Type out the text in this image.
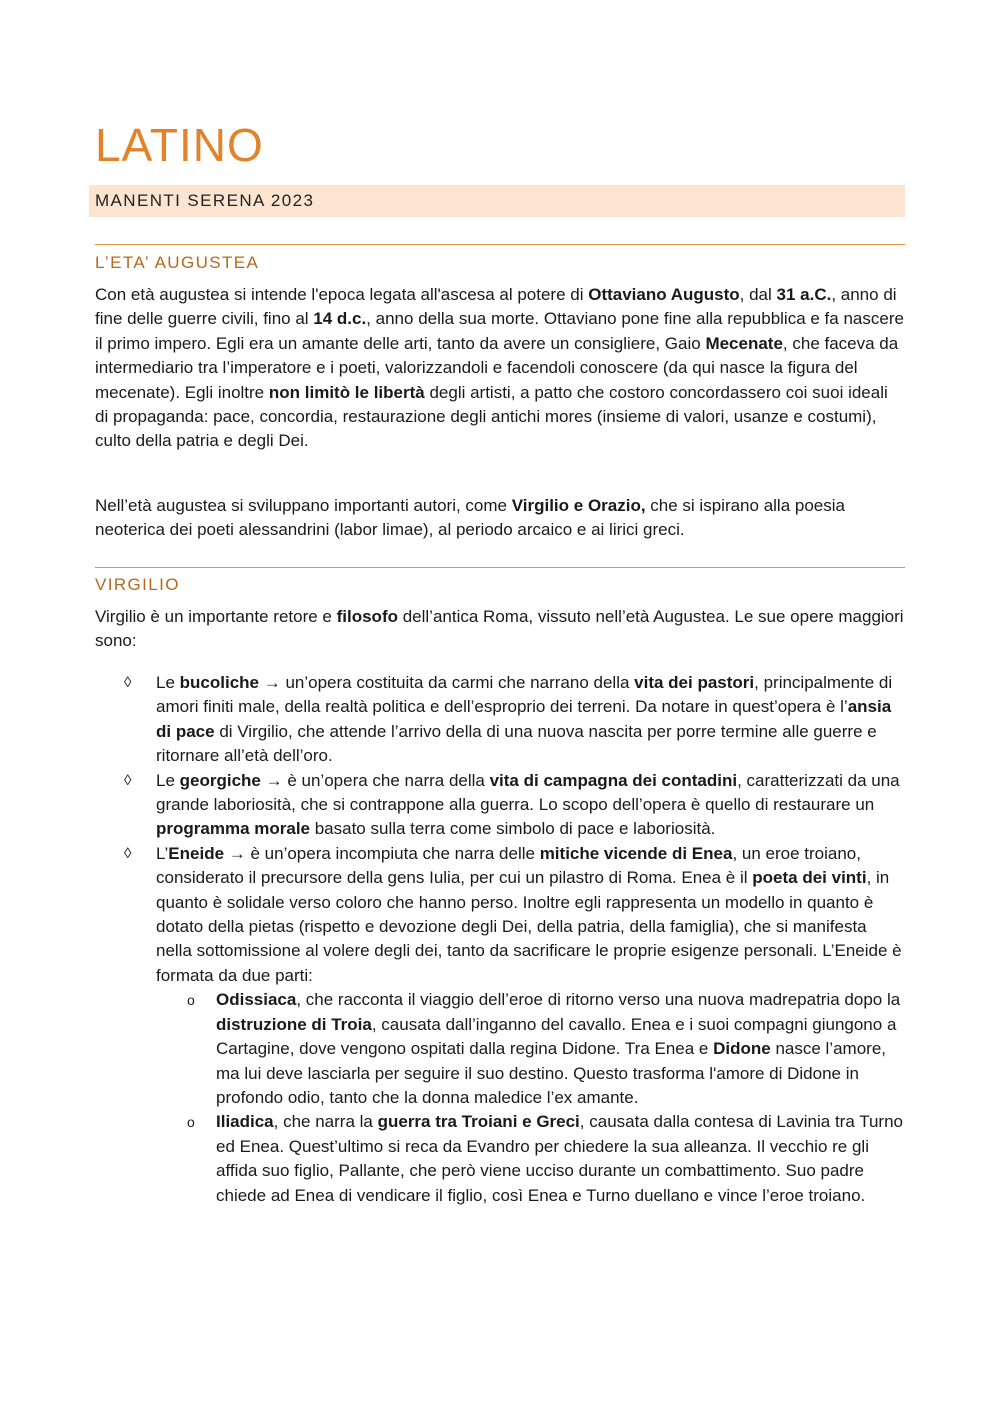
LATINO
MANENTI SERENA 2023
L’ETA’ AUGUSTEA

Con età augustea si intende l'epoca legata all'ascesa al potere di Ottaviano Augusto, dal 31 a.C., anno di fine delle guerre civili, fino al 14 d.c., anno della sua morte. Ottaviano pone fine alla repubblica e fa nascere il primo impero. Egli era un amante delle arti, tanto da avere un consigliere, Gaio Mecenate, che faceva da intermediario tra l’imperatore e i poeti, valorizzandoli e facendoli conoscere (da qui nasce la figura del mecenate). Egli inoltre non limitò le libertà degli artisti, a patto che costoro concordassero coi suoi ideali di propaganda: pace, concordia, restaurazione degli antichi mores (insieme di valori, usanze e costumi), culto della patria e degli Dei.

Nell’età augustea si sviluppano importanti autori, come Virgilio e Orazio, che si ispirano alla poesia neoterica dei poeti alessandrini (labor limae), al periodo arcaico e ai lirici greci.

VIRGILIO

Virgilio è un importante retore e filosofo dell’antica Roma, vissuto nell’età Augustea. Le sue opere maggiori sono:

◊ Le bucoliche → un’opera costituita da carmi che narrano della vita dei pastori, principalmente di amori finiti male, della realtà politica e dell’esproprio dei terreni. Da notare in quest’opera è l’ansia di pace di Virgilio, che attende l’arrivo della di una nuova nascita per porre termine alle guerre e ritornare all’età dell’oro.
◊ Le georgiche → è un’opera che narra della vita di campagna dei contadini, caratterizzati da una grande laboriosità, che si contrappone alla guerra. Lo scopo dell’opera è quello di restaurare un programma morale basato sulla terra come simbolo di pace e laboriosità.
◊ L’Eneide → è un’opera incompiuta che narra delle mitiche vicende di Enea, un eroe troiano, considerato il precursore della gens Iulia, per cui un pilastro di Roma. Enea è il poeta dei vinti, in quanto è solidale verso coloro che hanno perso. Inoltre egli rappresenta un modello in quanto è dotato della pietas (rispetto e devozione degli Dei, della patria, della famiglia), che si manifesta nella sottomissione al volere degli dei, tanto da sacrificare le proprie esigenze personali. L’Eneide è formata da due parti:
o Odissiaca, che racconta il viaggio dell’eroe di ritorno verso una nuova madrepatria dopo la distruzione di Troia, causata dall’inganno del cavallo. Enea e i suoi compagni giungono a Cartagine, dove vengono ospitati dalla regina Didone. Tra Enea e Didone nasce l’amore, ma lui deve lasciarla per seguire il suo destino. Questo trasforma l'amore di Didone in profondo odio, tanto che la donna maledice l’ex amante.
o Iliadica, che narra la guerra tra Troiani e Greci, causata dalla contesa di Lavinia tra Turno ed Enea. Quest’ultimo si reca da Evandro per chiedere la sua alleanza. Il vecchio re gli affida suo figlio, Pallante, che però viene ucciso durante un combattimento. Suo padre chiede ad Enea di vendicare il figlio, così Enea e Turno duellano e vince l’eroe troiano.
